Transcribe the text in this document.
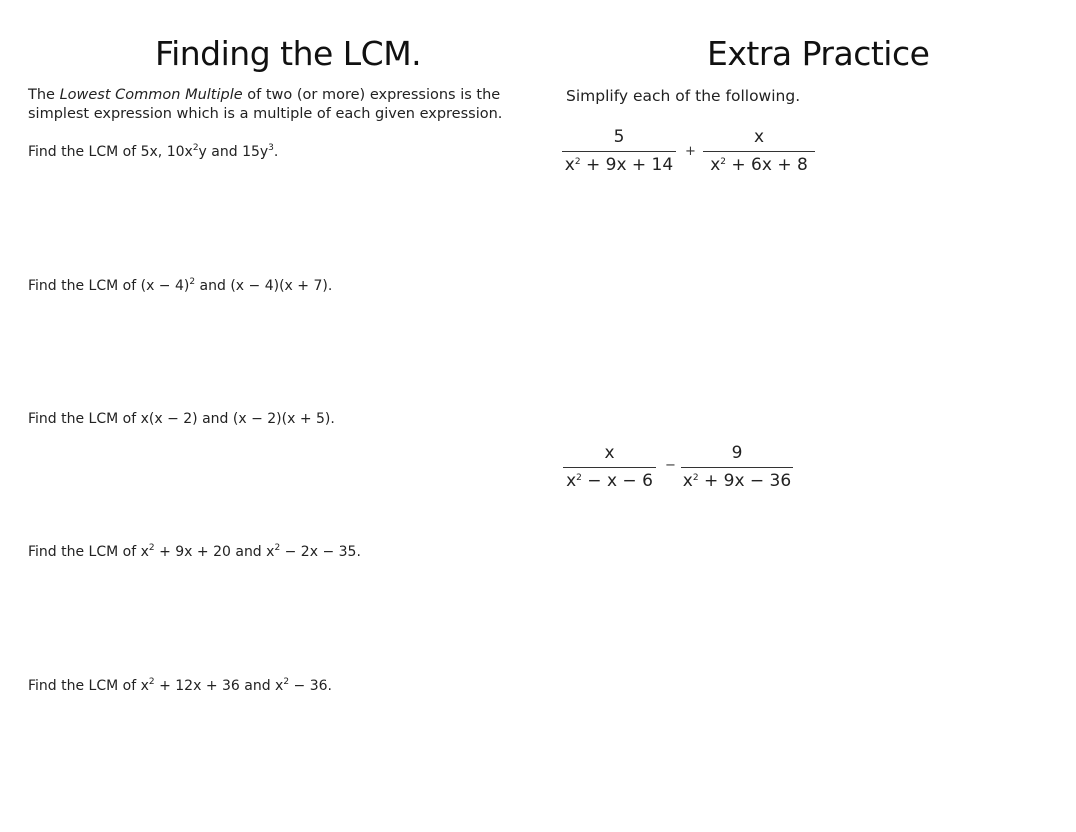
Finding the LCM.
The Lowest Common Multiple of two (or more) expressions is the
simplest expression which is a multiple of each given expression.
Find the LCM of 5x, $10x^2y$ and $15y^3$.
Find the LCM of $(x - 4)^2$ and (x − 4)(x + 7).
Find the LCM of x(x − 2) and (x − 2)(x + 5).
Find the LCM of $x^2 + 9x + 20$ and $x^2 - 2x - 35$.
Find the LCM of $x^2 + 12x + 36$ and $x^2 - 36$.
Extra Practice
Simplify each of the following.
$\frac{5}{x^2 + 9x + 14} + \frac{x}{x^2 + 6x + 8}$
$\frac{x}{x^2 - x - 6} - \frac{9}{x^2 + 9x - 36}$
